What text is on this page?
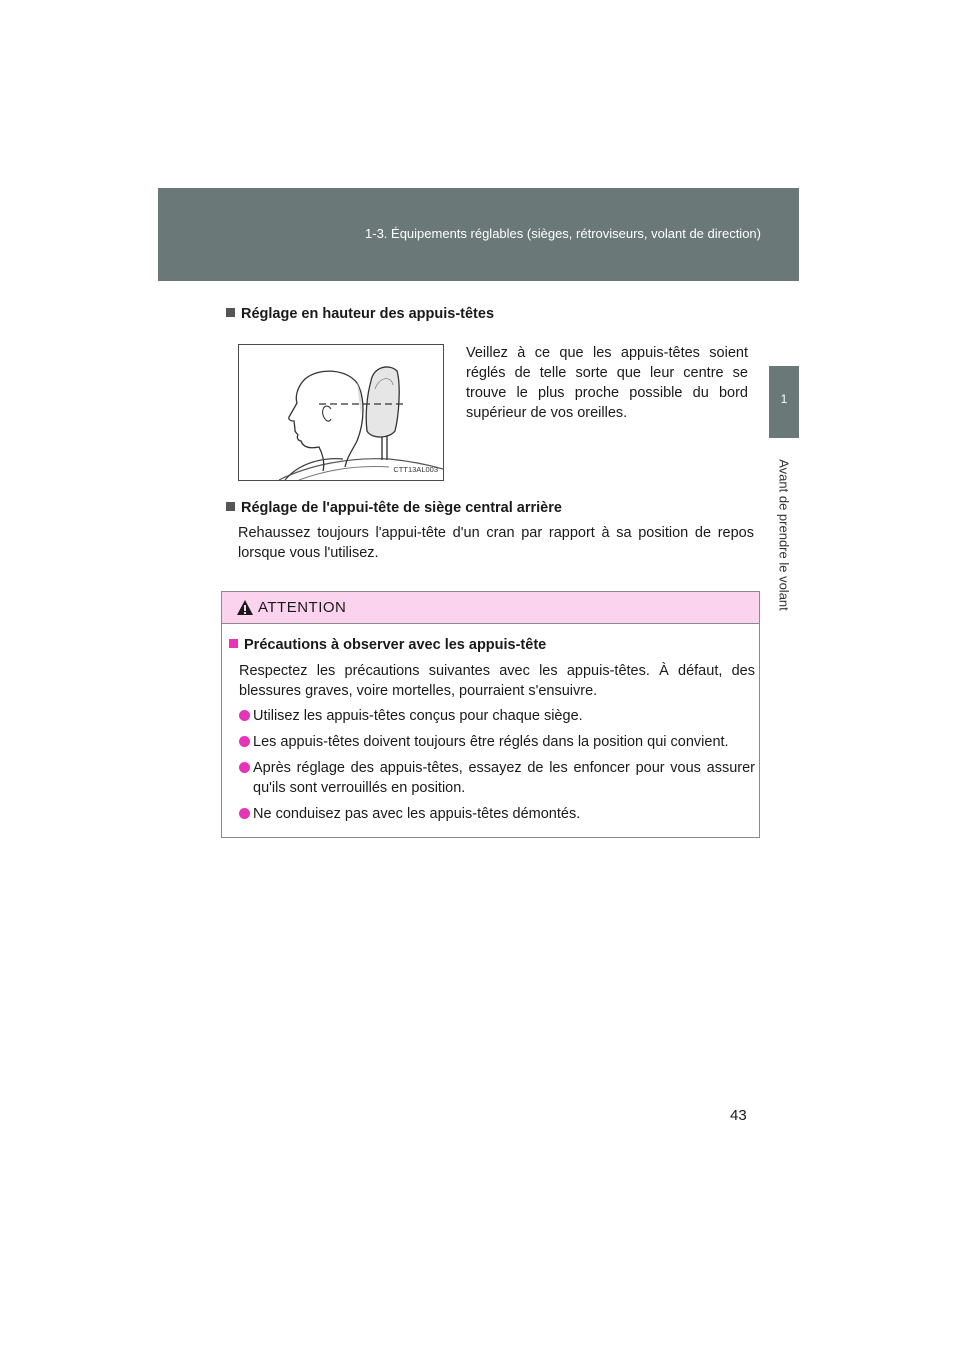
1-3. Équipements réglables (sièges, rétroviseurs, volant de direction)
1
Avant de prendre le volant
Réglage en hauteur des appuis-têtes
CTT13AL003
Veillez à ce que les appuis-têtes soient réglés de telle sorte que leur centre se trouve le plus proche possible du bord supérieur de vos oreilles.
Réglage de l'appui-tête de siège central arrière
Rehaussez toujours l'appui-tête d'un cran par rapport à sa position de repos lorsque vous l'utilisez.
ATTENTION
Précautions à observer avec les appuis-tête
Respectez les précautions suivantes avec les appuis-têtes. À défaut, des blessures graves, voire mortelles, pourraient s'ensuivre.
Utilisez les appuis-têtes conçus pour chaque siège.
Les appuis-têtes doivent toujours être réglés dans la position qui convient.
Après réglage des appuis-têtes, essayez de les enfoncer pour vous assurer qu'ils sont verrouillés en position.
Ne conduisez pas avec les appuis-têtes démontés.
43
